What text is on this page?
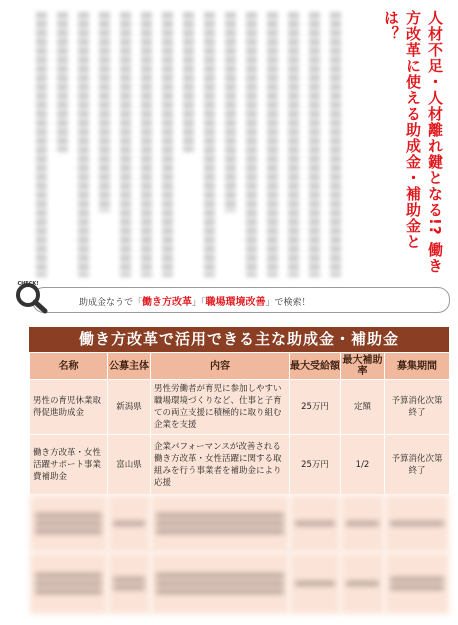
人材不足・人材離れ鍵となる!? 働き方改革に使える助成金・補助金とは？
助成金なうで「働き方改革」「職場環境改善」で検索！
CHECK!
働き方改革で活用できる主な助成金・補助金
名称	公募主体	内容	最大受給額	最大補助率	募集期間
男性の育児休業取得促進助成金	新潟県	男性労働者が育児に参加しやすい職場環境づくりなど、仕事と子育ての両立支援に積極的に取り組む企業を支援	25万円	定額	予算消化次第終了
働き方改革・女性活躍サポート事業費補助金	富山県	企業パフォーマンスが改善される働き方改革・女性活躍に関する取組みを行う事業者を補助金により応援	25万円	1/2	予算消化次第終了
